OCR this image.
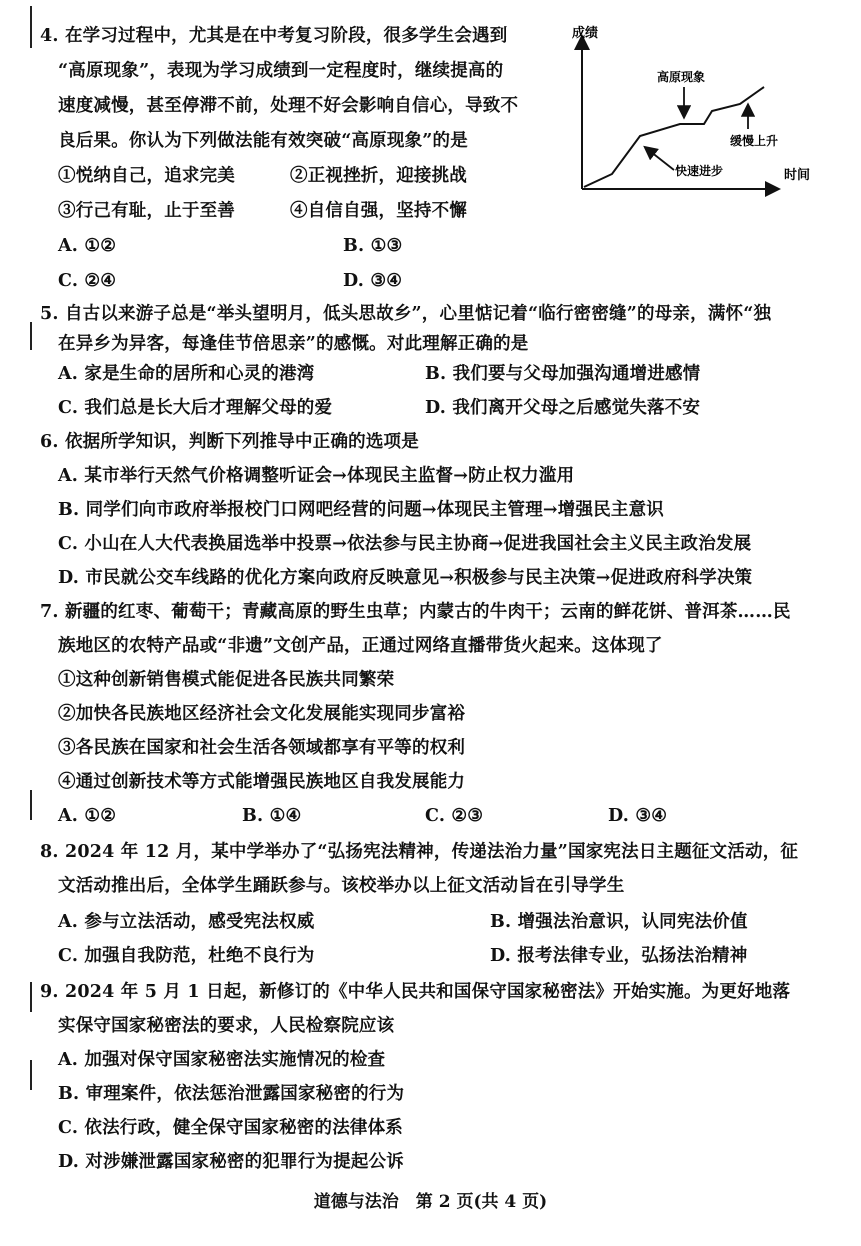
4. 在学习过程中，尤其是在中考复习阶段，很多学生会遇到
“高原现象”，表现为学习成绩到一定程度时，继续提高的
速度减慢，甚至停滞不前，处理不好会影响自信心，导致不
良后果。你认为下列做法能有效突破“高原现象”的是
①悦纳自己，追求完美	②正视挫折，迎接挑战
③行己有耻，止于至善	④自信自强，坚持不懈
A. ①②	B. ①③
C. ②④	D. ③④
成绩
时间
高原现象
缓慢上升
快速进步
5. 自古以来游子总是“举头望明月，低头思故乡”，心里惦记着“临行密密缝”的母亲，满怀“独
在异乡为异客，每逢佳节倍思亲”的感慨。对此理解正确的是
A. 家是生命的居所和心灵的港湾	B. 我们要与父母加强沟通增进感情
C. 我们总是长大后才理解父母的爱	D. 我们离开父母之后感觉失落不安
6. 依据所学知识，判断下列推导中正确的选项是
A. 某市举行天然气价格调整听证会→体现民主监督→防止权力滥用
B. 同学们向市政府举报校门口网吧经营的问题→体现民主管理→增强民主意识
C. 小山在人大代表换届选举中投票→依法参与民主协商→促进我国社会主义民主政治发展
D. 市民就公交车线路的优化方案向政府反映意见→积极参与民主决策→促进政府科学决策
7. 新疆的红枣、葡萄干；青藏高原的野生虫草；内蒙古的牛肉干；云南的鲜花饼、普洱茶……民
族地区的农特产品或“非遗”文创产品，正通过网络直播带货火起来。这体现了
①这种创新销售模式能促进各民族共同繁荣
②加快各民族地区经济社会文化发展能实现同步富裕
③各民族在国家和社会生活各领域都享有平等的权利
④通过创新技术等方式能增强民族地区自我发展能力
A. ①②	B. ①④	C. ②③	D. ③④
8. 2024 年 12 月，某中学举办了“弘扬宪法精神，传递法治力量”国家宪法日主题征文活动，征
文活动推出后，全体学生踊跃参与。该校举办以上征文活动旨在引导学生
A. 参与立法活动，感受宪法权威	B. 增强法治意识，认同宪法价值
C. 加强自我防范，杜绝不良行为	D. 报考法律专业，弘扬法治精神
9. 2024 年 5 月 1 日起，新修订的《中华人民共和国保守国家秘密法》开始实施。为更好地落
实保守国家秘密法的要求，人民检察院应该
A. 加强对保守国家秘密法实施情况的检查
B. 审理案件，依法惩治泄露国家秘密的行为
C. 依法行政，健全保守国家秘密的法律体系
D. 对涉嫌泄露国家秘密的犯罪行为提起公诉
道德与法治　第 2 页(共 4 页)
